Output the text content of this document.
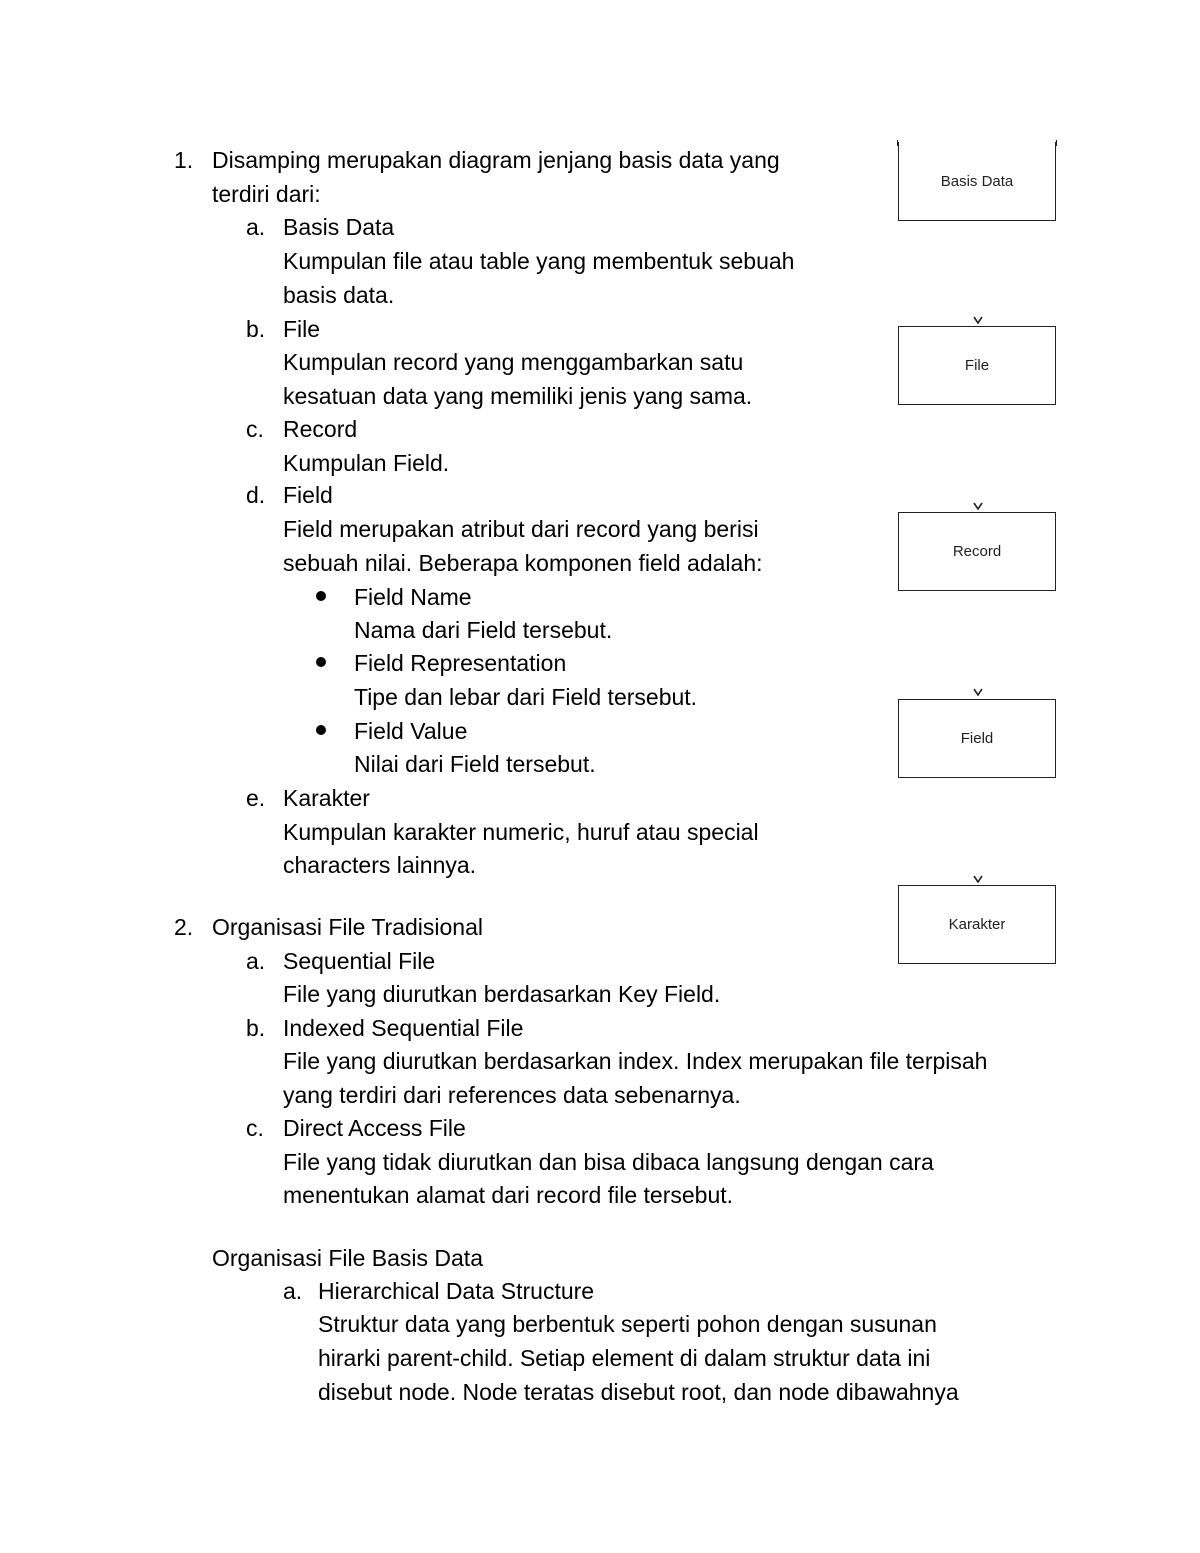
1. Disamping merupakan diagram jenjang basis data yang
terdiri dari:
a. Basis Data
Kumpulan file atau table yang membentuk sebuah
basis data.
b. File
Kumpulan record yang menggambarkan satu
kesatuan data yang memiliki jenis yang sama.
c. Record
Kumpulan Field.
d. Field
Field merupakan atribut dari record yang berisi
sebuah nilai. Beberapa komponen field adalah:
Field Name
Nama dari Field tersebut.
Field Representation
Tipe dan lebar dari Field tersebut.
Field Value
Nilai dari Field tersebut.
e. Karakter
Kumpulan karakter numeric, huruf atau special
characters lainnya.
2. Organisasi File Tradisional
a. Sequential File
File yang diurutkan berdasarkan Key Field.
b. Indexed Sequential File
File yang diurutkan berdasarkan index. Index merupakan file terpisah
yang terdiri dari references data sebenarnya.
c. Direct Access File
File yang tidak diurutkan dan bisa dibaca langsung dengan cara
menentukan alamat dari record file tersebut.
Organisasi File Basis Data
a. Hierarchical Data Structure
Struktur data yang berbentuk seperti pohon dengan susunan
hirarki parent-child. Setiap element di dalam struktur data ini
disebut node. Node teratas disebut root, dan node dibawahnya
Basis Data
File
Record
Field
Karakter
